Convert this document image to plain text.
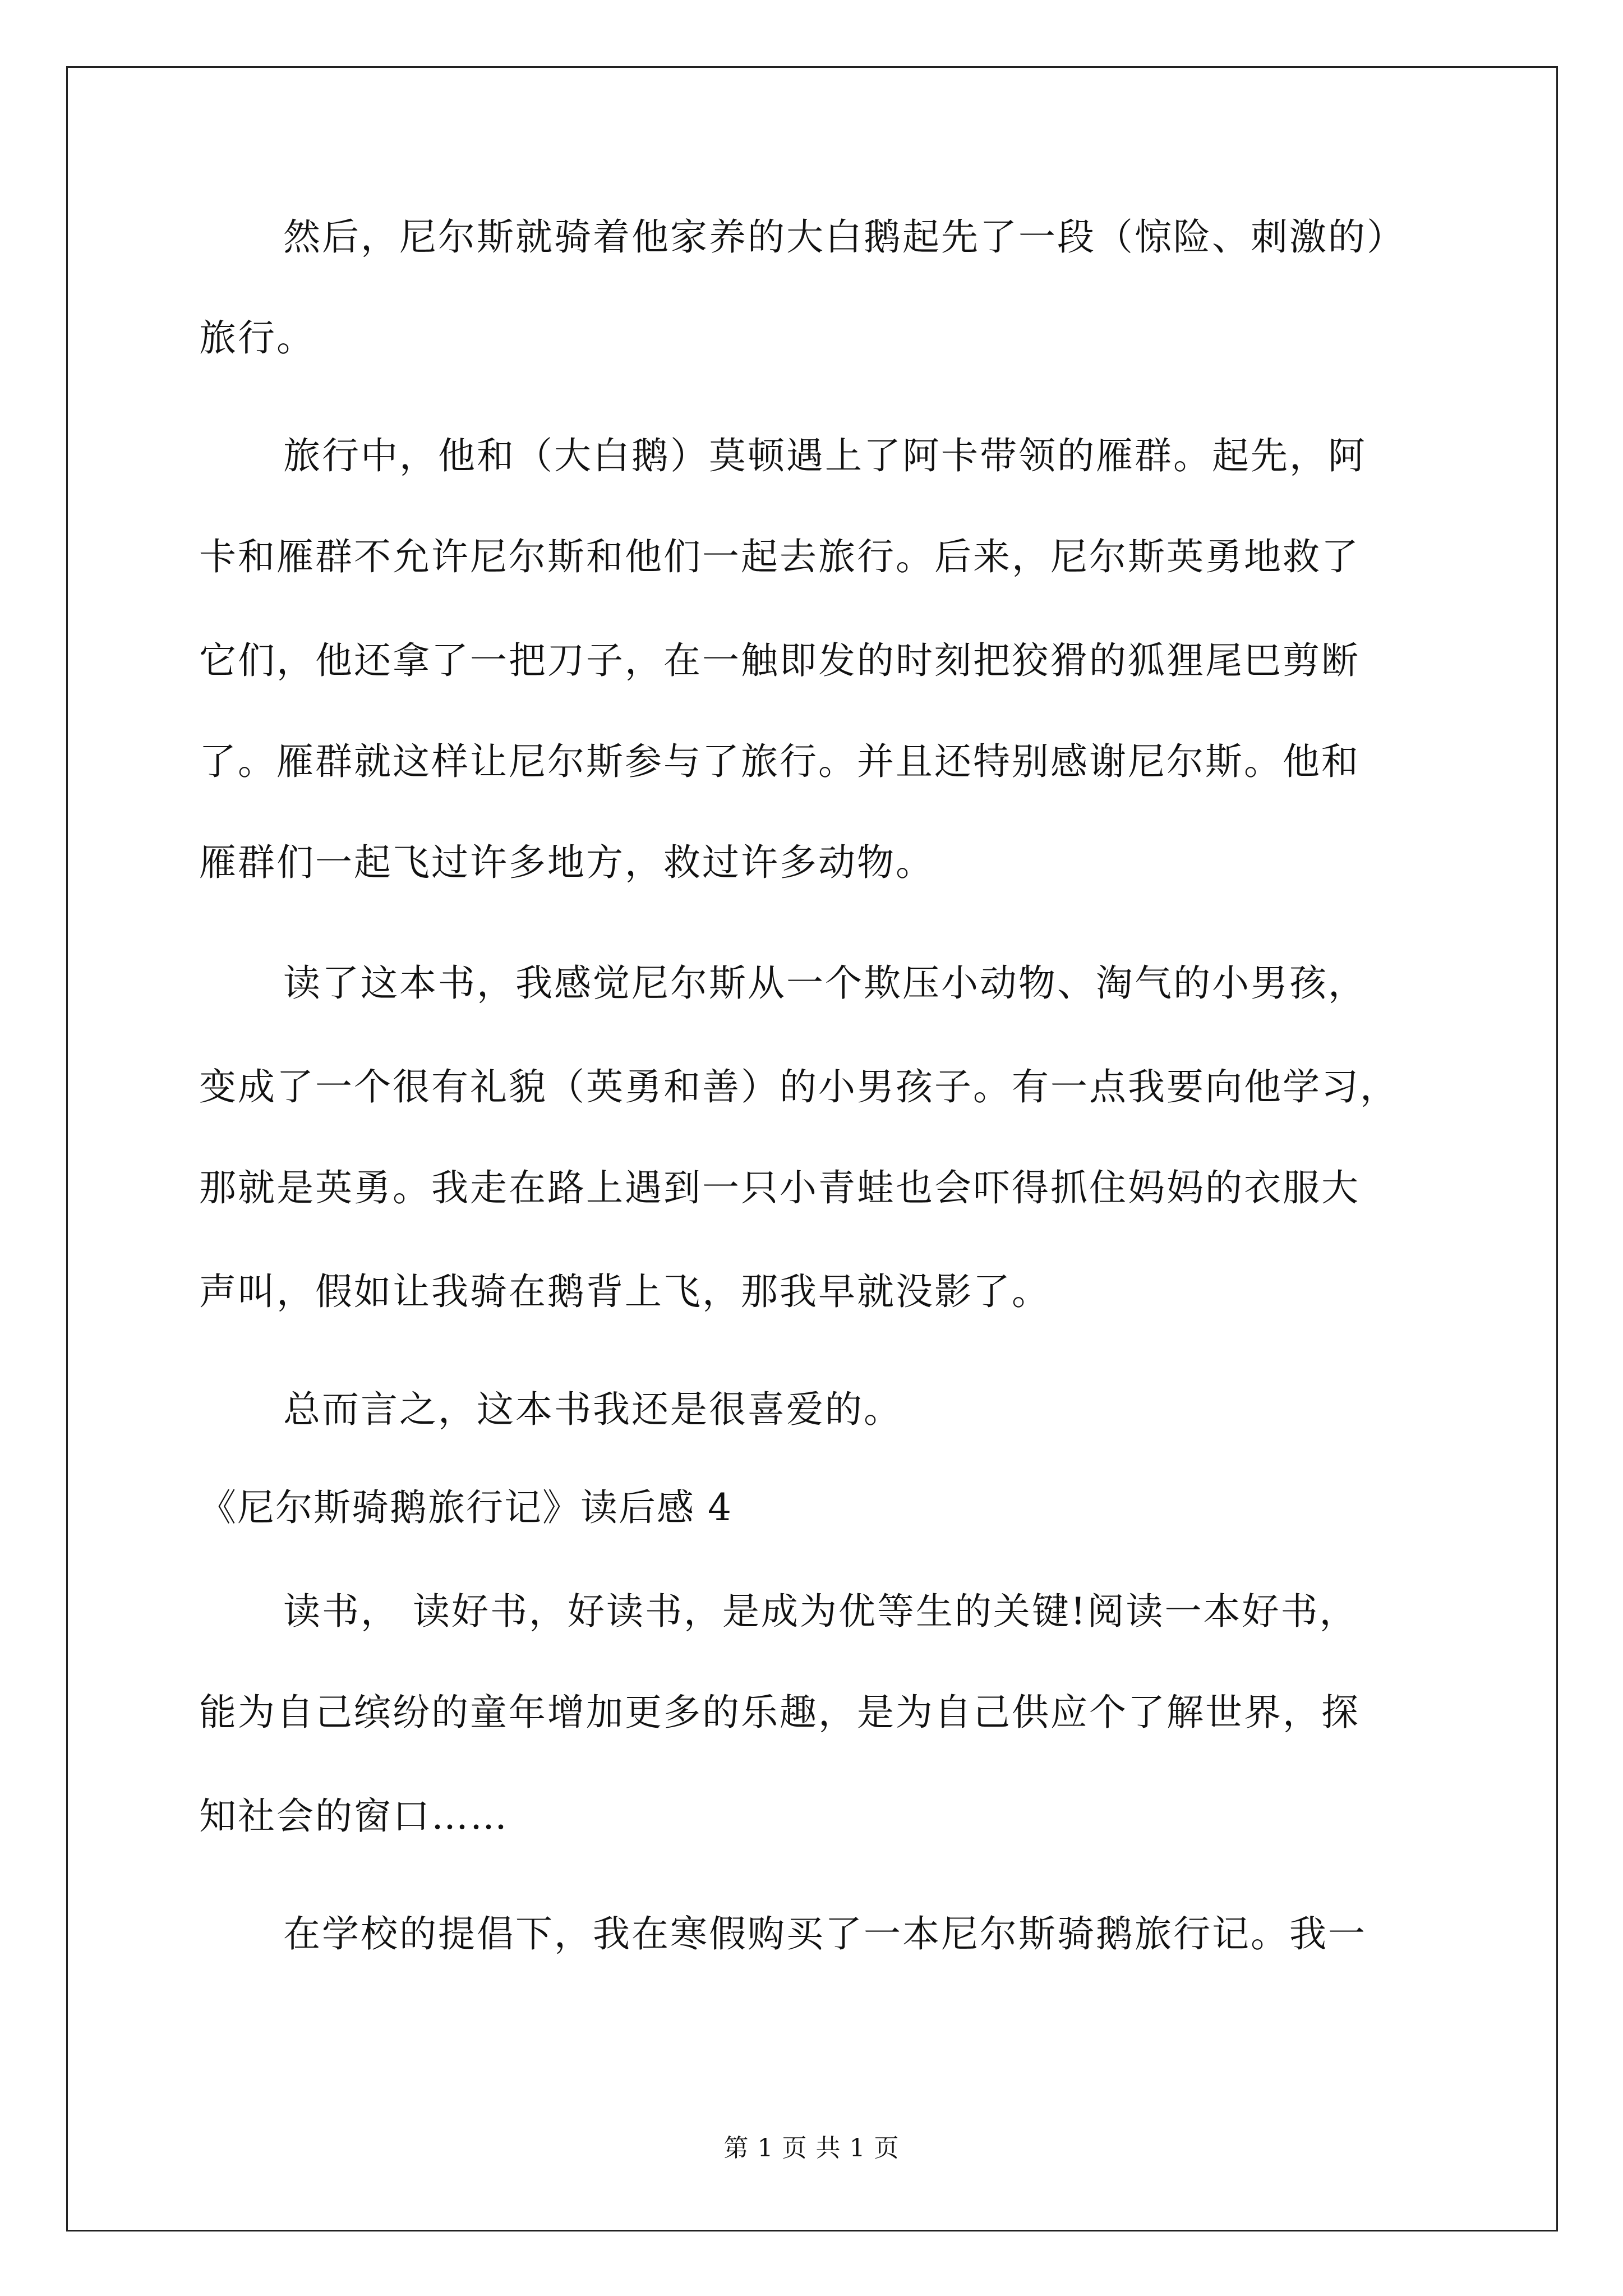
然后，尼尔斯就骑着他家养的大白鹅起先了一段（惊险、刺激的）
旅行。
旅行中，他和（大白鹅）莫顿遇上了阿卡带领的雁群。起先，阿
卡和雁群不允许尼尔斯和他们一起去旅行。后来，尼尔斯英勇地救了
它们，他还拿了一把刀子，在一触即发的时刻把狡猾的狐狸尾巴剪断
了。雁群就这样让尼尔斯参与了旅行。并且还特别感谢尼尔斯。他和
雁群们一起飞过许多地方，救过许多动物。
读了这本书，我感觉尼尔斯从一个欺压小动物、淘气的小男孩，
变成了一个很有礼貌（英勇和善）的小男孩子。有一点我要向他学习，
那就是英勇。我走在路上遇到一只小青蛙也会吓得抓住妈妈的衣服大
声叫，假如让我骑在鹅背上飞，那我早就没影了。
总而言之，这本书我还是很喜爱的。
《尼尔斯骑鹅旅行记》读后感 4
读书， 读好书，好读书，是成为优等生的关键!阅读一本好书，
能为自己缤纷的童年增加更多的乐趣，是为自己供应个了解世界，探
知社会的窗口……
在学校的提倡下，我在寒假购买了一本尼尔斯骑鹅旅行记。我一
第 1 页 共 1 页
